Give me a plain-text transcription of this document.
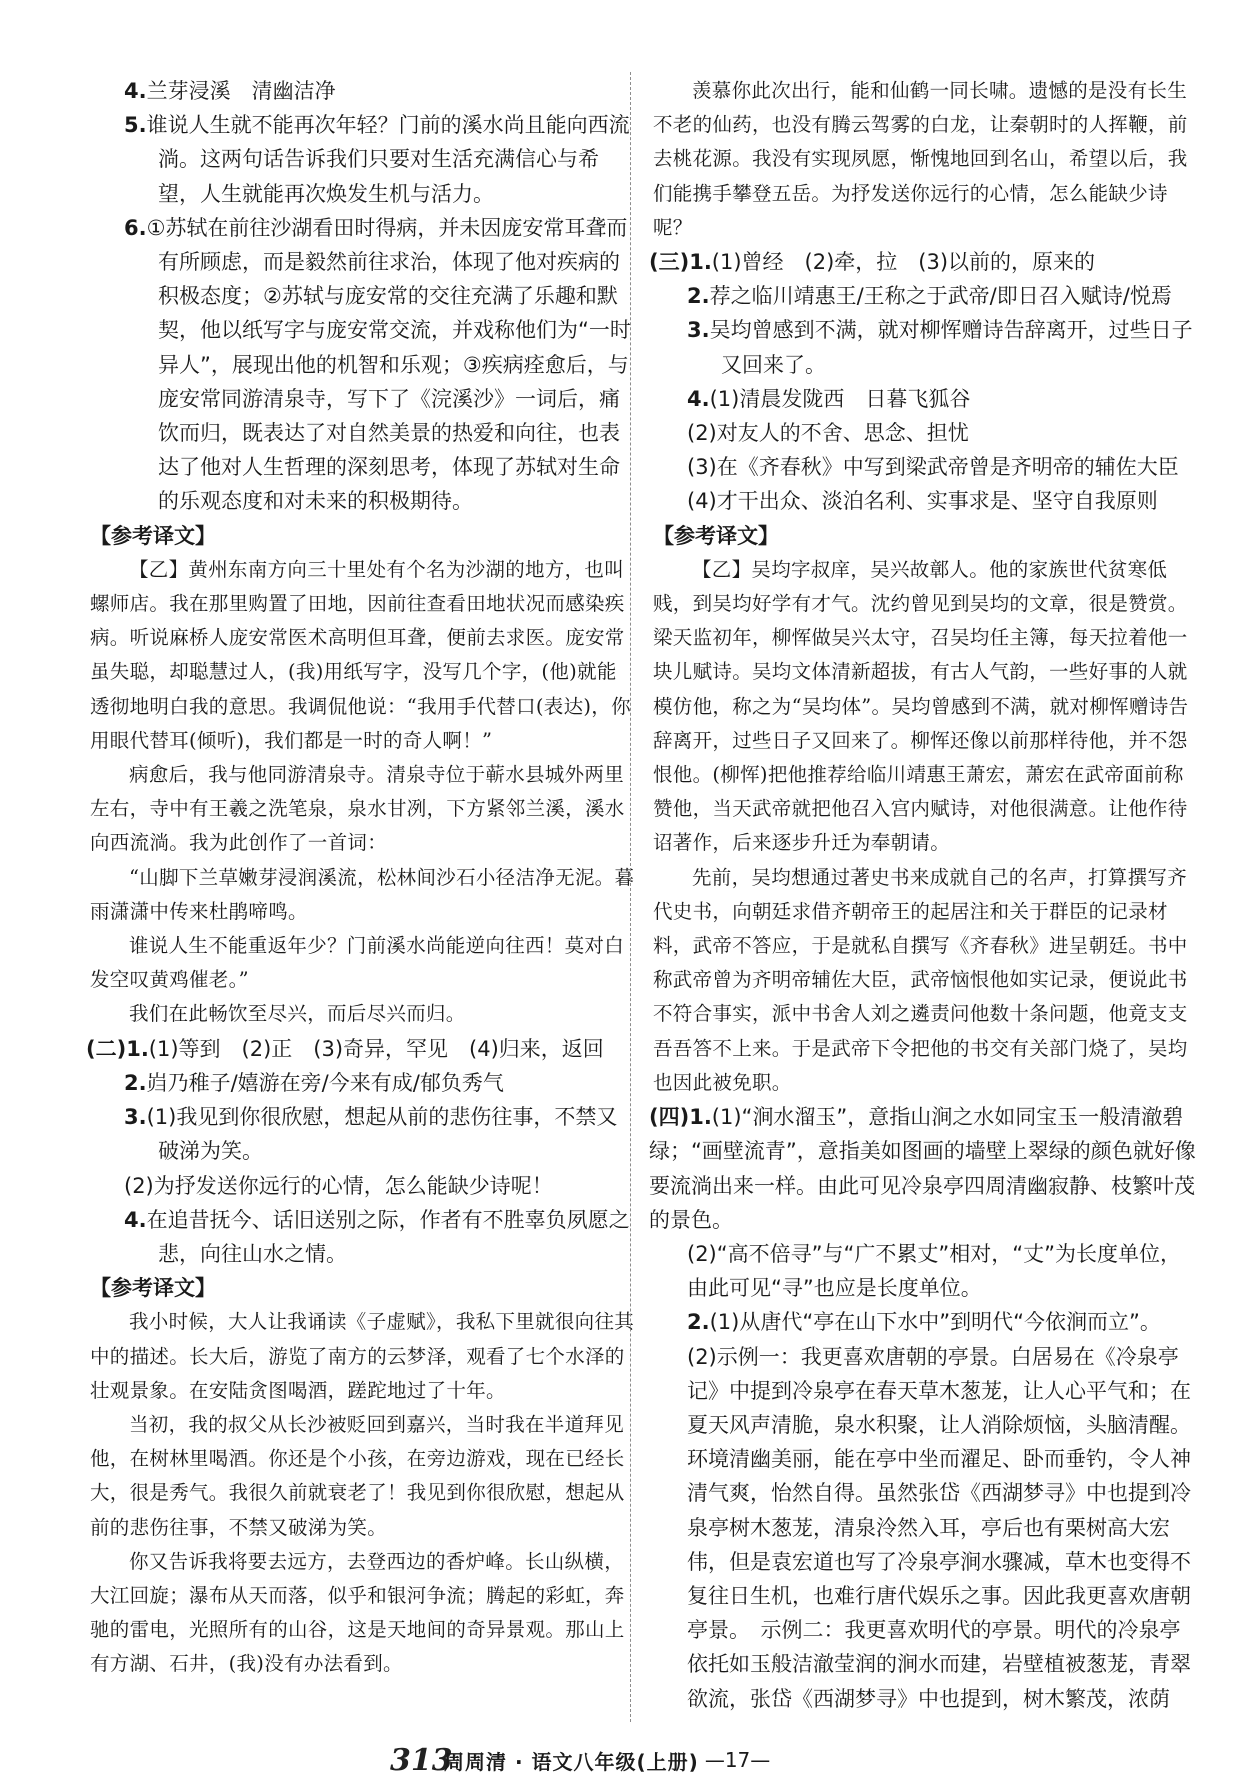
4.兰芽浸溪　清幽洁净

5.谁说人生就不能再次年轻？门前的溪水尚且能向西流淌。这两句话告诉我们只要对生活充满信心与希望，人生就能再次焕发生机与活力。

6.①苏轼在前往沙湖看田时得病，并未因庞安常耳聋而有所顾虑，而是毅然前往求治，体现了他对疾病的积极态度；②苏轼与庞安常的交往充满了乐趣和默契，他以纸写字与庞安常交流，并戏称他们为“一时异人”，展现出他的机智和乐观；③疾病痊愈后，与庞安常同游清泉寺，写下了《浣溪沙》一词后，痛饮而归，既表达了对自然美景的热爱和向往，也表达了他对人生哲理的深刻思考，体现了苏轼对生命的乐观态度和对未来的积极期待。

【参考译文】

【乙】黄州东南方向三十里处有个名为沙湖的地方，也叫螺师店。我在那里购置了田地，因前往查看田地状况而感染疾病。听说麻桥人庞安常医术高明但耳聋，便前去求医。庞安常虽失聪，却聪慧过人，(我)用纸写字，没写几个字，(他)就能透彻地明白我的意思。我调侃他说：“我用手代替口(表达)，你用眼代替耳(倾听)，我们都是一时的奇人啊！”

病愈后，我与他同游清泉寺。清泉寺位于蕲水县城外两里左右，寺中有王羲之洗笔泉，泉水甘冽，下方紧邻兰溪，溪水向西流淌。我为此创作了一首词：

“山脚下兰草嫩芽浸润溪流，松林间沙石小径洁净无泥。暮雨潇潇中传来杜鹃啼鸣。

谁说人生不能重返年少？门前溪水尚能逆向往西！莫对白发空叹黄鸡催老。”

我们在此畅饮至尽兴，而后尽兴而归。

(二)1.(1)等到　(2)正　(3)奇异，罕见　(4)归来，返回

2.岿乃稚子/嬉游在旁/今来有成/郁负秀气

3.(1)我见到你很欣慰，想起从前的悲伤往事，不禁又破涕为笑。

(2)为抒发送你远行的心情，怎么能缺少诗呢！

4.在追昔抚今、话旧送别之际，作者有不胜辜负夙愿之悲，向往山水之情。

【参考译文】

我小时候，大人让我诵读《子虚赋》，我私下里就很向往其中的描述。长大后，游览了南方的云梦泽，观看了七个水泽的壮观景象。在安陆贪图喝酒，蹉跎地过了十年。

当初，我的叔父从长沙被贬回到嘉兴，当时我在半道拜见他，在树林里喝酒。你还是个小孩，在旁边游戏，现在已经长大，很是秀气。我很久前就衰老了！我见到你很欣慰，想起从前的悲伤往事，不禁又破涕为笑。

你又告诉我将要去远方，去登西边的香炉峰。长山纵横，大江回旋；瀑布从天而落，似乎和银河争流；腾起的彩虹，奔驰的雷电，光照所有的山谷，这是天地间的奇异景观。那山上有方湖、石井，(我)没有办法看到。

羡慕你此次出行，能和仙鹤一同长啸。遗憾的是没有长生不老的仙药，也没有腾云驾雾的白龙，让秦朝时的人挥鞭，前去桃花源。我没有实现夙愿，惭愧地回到名山，希望以后，我们能携手攀登五岳。为抒发送你远行的心情，怎么能缺少诗呢？

(三)1.(1)曾经　(2)牵，拉　(3)以前的，原来的

2.荐之临川靖惠王/王称之于武帝/即日召入赋诗/悦焉

3.吴均曾感到不满，就对柳恽赠诗告辞离开，过些日子又回来了。

4.(1)清晨发陇西　日暮飞狐谷

(2)对友人的不舍、思念、担忧

(3)在《齐春秋》中写到梁武帝曾是齐明帝的辅佐大臣

(4)才干出众、淡泊名利、实事求是、坚守自我原则

【参考译文】

【乙】吴均字叔庠，吴兴故鄣人。他的家族世代贫寒低贱，到吴均好学有才气。沈约曾见到吴均的文章，很是赞赏。梁天监初年，柳恽做吴兴太守，召吴均任主簿，每天拉着他一块儿赋诗。吴均文体清新超拔，有古人气韵，一些好事的人就模仿他，称之为“吴均体”。吴均曾感到不满，就对柳恽赠诗告辞离开，过些日子又回来了。柳恽还像以前那样待他，并不怨恨他。(柳恽)把他推荐给临川靖惠王萧宏，萧宏在武帝面前称赞他，当天武帝就把他召入宫内赋诗，对他很满意。让他作待诏著作，后来逐步升迁为奉朝请。

先前，吴均想通过著史书来成就自己的名声，打算撰写齐代史书，向朝廷求借齐朝帝王的起居注和关于群臣的记录材料，武帝不答应，于是就私自撰写《齐春秋》进呈朝廷。书中称武帝曾为齐明帝辅佐大臣，武帝恼恨他如实记录，便说此书不符合事实，派中书舍人刘之遴责问他数十条问题，他竟支支吾吾答不上来。于是武帝下令把他的书交有关部门烧了，吴均也因此被免职。

(四)1.(1)“涧水溜玉”，意指山涧之水如同宝玉一般清澈碧绿；“画壁流青”，意指美如图画的墙壁上翠绿的颜色就好像要流淌出来一样。由此可见冷泉亭四周清幽寂静、枝繁叶茂的景色。

(2)“高不倍寻”与“广不累丈”相对，“丈”为长度单位，由此可见“寻”也应是长度单位。

2.(1)从唐代“亭在山下水中”到明代“今依涧而立”。

(2)示例一：我更喜欢唐朝的亭景。白居易在《冷泉亭记》中提到冷泉亭在春天草木葱茏，让人心平气和；在夏天风声清脆，泉水积聚，让人消除烦恼，头脑清醒。环境清幽美丽，能在亭中坐而濯足、卧而垂钓，令人神清气爽，怡然自得。虽然张岱《西湖梦寻》中也提到冷泉亭树木葱茏，清泉泠然入耳，亭后也有栗树高大宏伟，但是袁宏道也写了冷泉亭涧水骤减，草木也变得不复往日生机，也难行唐代娱乐之事。因此我更喜欢唐朝亭景。　示例二：我更喜欢明代的亭景。明代的冷泉亭依托如玉般洁澈莹润的涧水而建，岩壁植被葱茏，青翠欲流，张岱《西湖梦寻》中也提到，树木繁茂，浓荫

313
周周清 · 语文八年级(上册) —17—
